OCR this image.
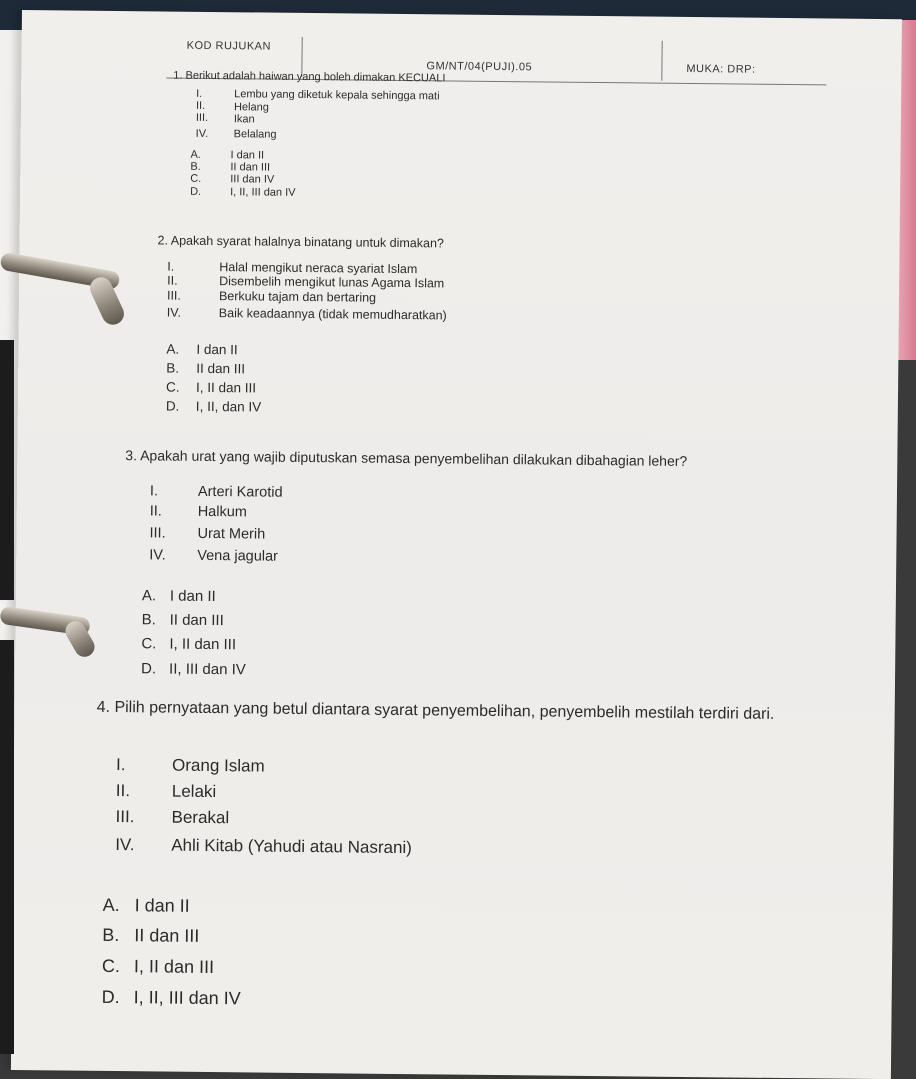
KOD RUJUKAN
GM/NT/04(PUJI).05	MUKA: DRP:
1. Berikut adalah haiwan yang boleh dimakan KECUALI
I.	Lembu yang diketuk kepala sehingga mati
II.	Helang
III. Ikan
IV. Belalang
A.	I dan II
B.	II dan III
C.	III dan IV
D.	I, II, III dan IV
2. Apakah syarat halalnya binatang untuk dimakan?
I.	Halal mengikut neraca syariat Islam
II.	Disembelih mengikut lunas Agama Islam
III.	Berkuku tajam dan bertaring
IV.	Baik keadaannya (tidak memudharatkan)
A. I dan II
B. II dan III
C. I, II dan III
D. I, II, dan IV
3. Apakah urat yang wajib diputuskan semasa penyembelihan dilakukan dibahagian leher?
I.	Arteri Karotid
II. Halkum
III. Urat Merih
IV. Vena jagular
A. I dan II
B. II dan III
C. I, II dan III
D. II, III dan IV
4. Pilih pernyataan yang betul diantara syarat penyembelihan, penyembelih mestilah terdiri dari.
I.	Orang Islam
II. Lelaki
III. Berakal
IV. Ahli Kitab (Yahudi atau Nasrani)
A. I dan II
B. II dan III
C. I, II dan III
D. I, II, III dan IV
